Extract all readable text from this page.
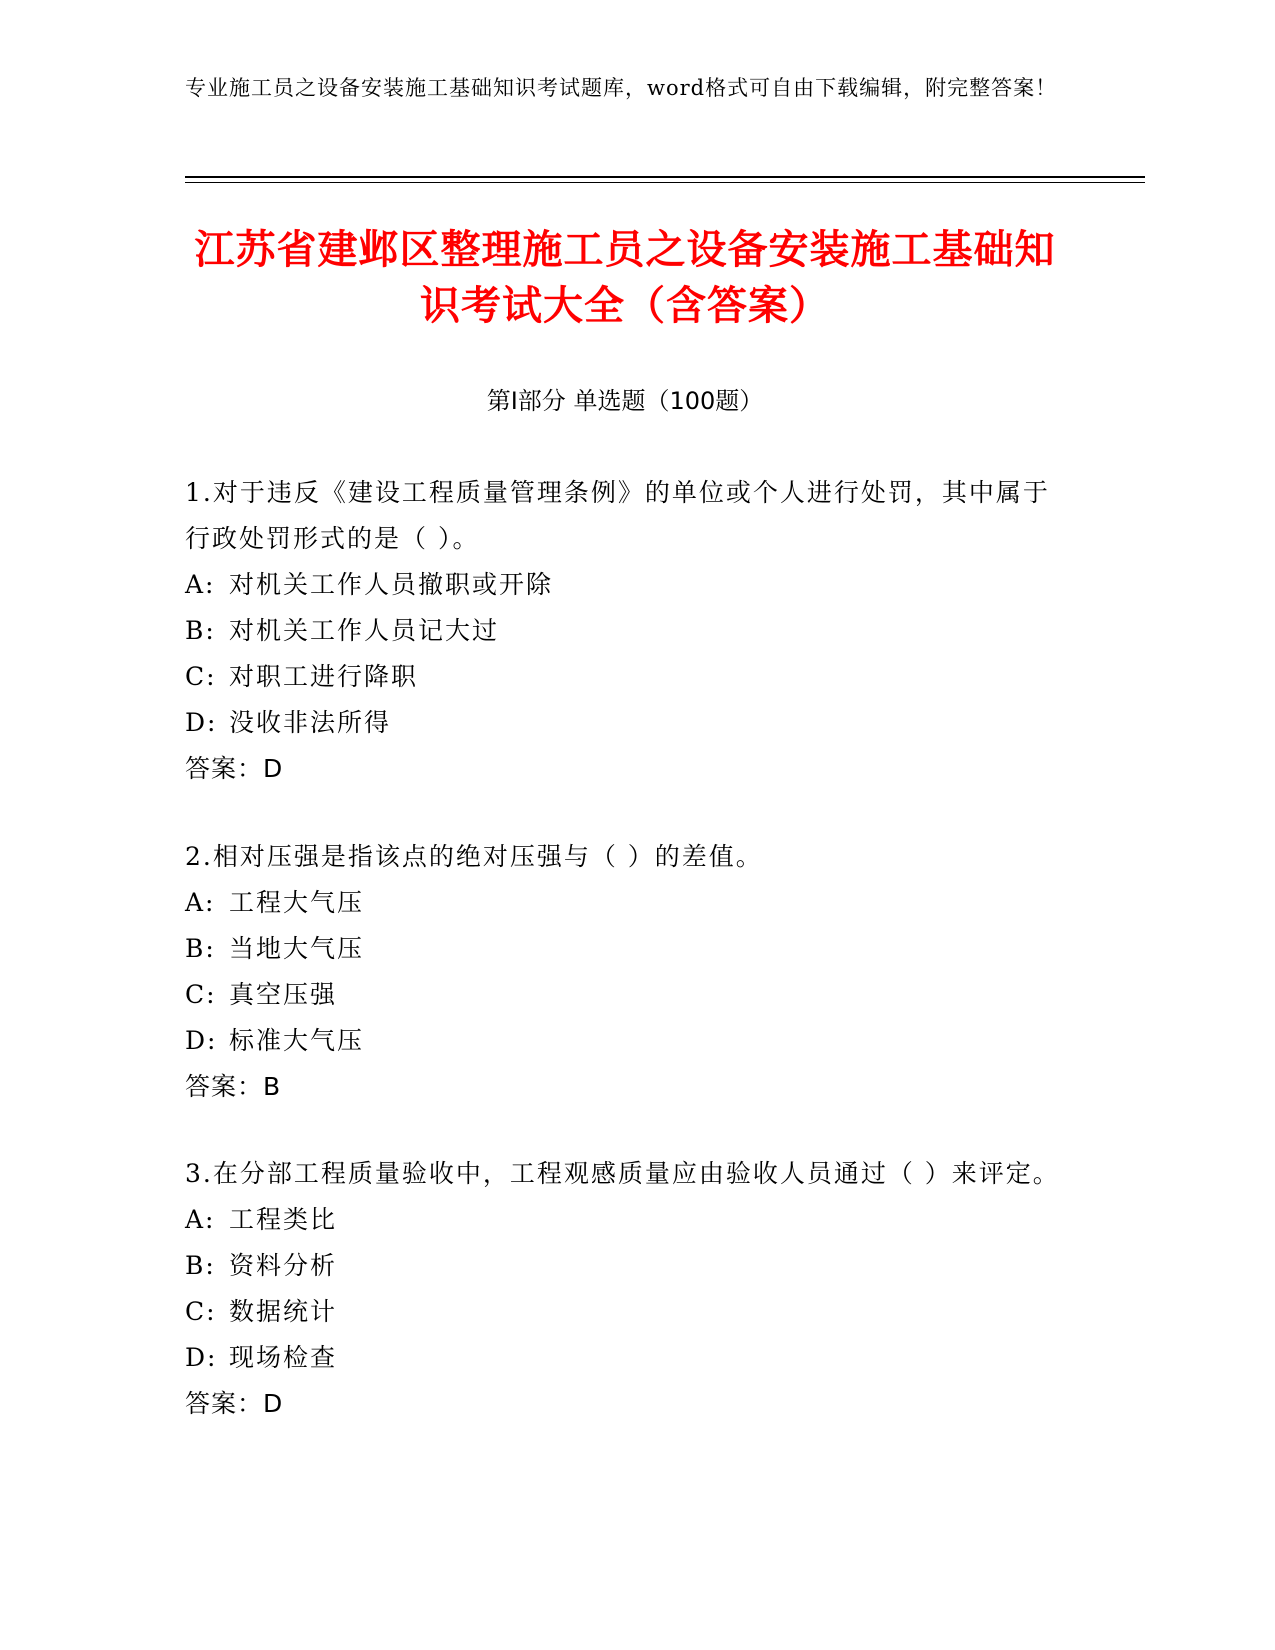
专业施工员之设备安装施工基础知识考试题库，word格式可自由下载编辑，附完整答案！
江苏省建邺区整理施工员之设备安装施工基础知识考试大全（含答案）
第Ⅰ部分 单选题（100题）
1.对于违反《建设工程质量管理条例》的单位或个人进行处罚，其中属于行政处罚形式的是（ ）。
A: 对机关工作人员撤职或开除
B: 对机关工作人员记大过
C: 对职工进行降职
D: 没收非法所得
答案：D
2.相对压强是指该点的绝对压强与（ ）的差值。
A: 工程大气压
B: 当地大气压
C: 真空压强
D: 标准大气压
答案：B
3.在分部工程质量验收中，工程观感质量应由验收人员通过（ ）来评定。
A: 工程类比
B: 资料分析
C: 数据统计
D: 现场检查
答案：D
